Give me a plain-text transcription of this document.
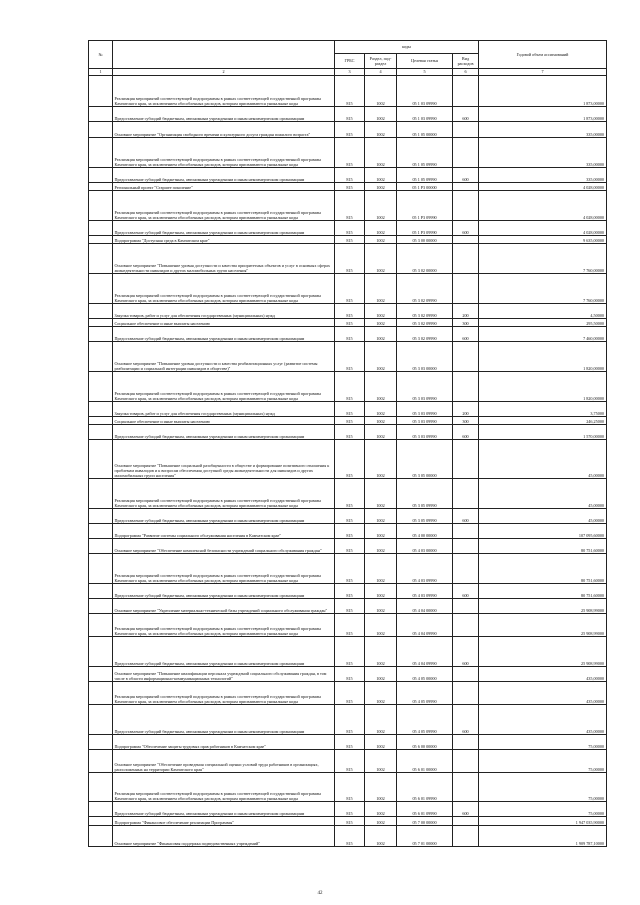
№		коды				Годовой объем ассигнований
		ГРБС	Раздел, под-раздел	Целевая статья	Вид расходов	
1	2	3	4	5	6	7
	Реализация мероприятий соответствующей подпрограммы в рамках соответствующей государственной программы Камчатского края, за исключением обособленных расходов, которым присваиваются уникальные коды	815	1002	05 1 03 09990		1 873,00000
	Предоставление субсидий бюджетным, автономным учреждениям и иным некоммерческим организациям	815	1002	05 1 03 09990	600	1 873,00000
	Основное мероприятие "Организация свободного времени и культурного досуга граждан пожилого возраста"	815	1002	05 1 05 00000		335,00000
	Реализация мероприятий соответствующей подпрограммы в рамках соответствующей государственной программы Камчатского края, за исключением обособленных расходов, которым присваиваются уникальные коды	815	1002	05 1 05 09990		335,00000
	Предоставление субсидий бюджетным, автономным учреждениям и иным некоммерческим организациям	815	1002	05 1 05 09990	600	335,00000
	Региональный проект "Старшее поколение"	815	1002	05 1 P3 00000		4 028,00000
	Реализация мероприятий соответствующей подпрограммы в рамках соответствующей государственной программы Камчатского края, за исключением обособленных расходов, которым присваиваются уникальные коды	815	1002	05 1 P3 09990		4 028,00000
	Предоставление субсидий бюджетным, автономным учреждениям и иным некоммерческим организациям	815	1002	05 1 P3 09990	600	4 028,00000
	Подпрограмма "Доступная среда в Камчатском крае"	815	1002	05 3 00 00000		9 635,00000
	Основное мероприятие "Повышение уровня доступности и качества приоритетных объектов и услуг в основных сферах жизнедеятельности инвалидов и других маломобильных групп населения"	815	1002	05 3 02 00000		7 760,00000
	Реализация мероприятий соответствующей подпрограммы в рамках соответствующей государственной программы Камчатского края, за исключением обособленных расходов, которым присваиваются уникальные коды	815	1002	05 3 02 09990		7 760,00000
	Закупка товаров, работ и услуг для обеспечения государственных (муниципальных) нужд	815	1002	05 3 02 09990	200	4,50000
	Социальное обеспечение и иные выплаты населению	815	1002	05 3 02 09990	300	295,50000
	Предоставление субсидий бюджетным, автономным учреждениям и иным некоммерческим организациям	815	1002	05 3 02 09990	600	7 460,00000
	Основное мероприятие "Повышение уровня доступности и качества реабилитационных услуг (развитие системы реабилитации и социальной интеграции инвалидов в обществе)"	815	1002	05 3 03 00000		1 820,00000
	Реализация мероприятий соответствующей подпрограммы в рамках соответствующей государственной программы Камчатского края, за исключением обособленных расходов, которым присваиваются уникальные коды	815	1002	05 3 03 09990		1 820,00000
	Закупка товаров, работ и услуг для обеспечения государственных (муниципальных) нужд	815	1002	05 3 03 09990	200	3,75000
	Социальное обеспечение и иные выплаты населению	815	1002	05 3 03 09990	300	246,25000
	Предоставление субсидий бюджетным, автономным учреждениям и иным некоммерческим организациям	815	1002	05 3 03 09990	600	1 570,00000
	Основное мероприятие "Повышение социальной разобщенности в обществе и формирование позитивного отношения к проблемам инвалидов и к вопросам обеспечения доступной среды жизнедеятельности для инвалидов и других маломобильных групп населения"	815	1002	05 3 05 00000		45,00000
	Реализация мероприятий соответствующей подпрограммы в рамках соответствующей государственной программы Камчатского края, за исключением обособленных расходов, которым присваиваются уникальные коды	815	1002	05 3 05 09990		45,00000
	Предоставление субсидий бюджетным, автономным учреждениям и иным некоммерческим организациям	815	1002	05 3 05 09990	600	45,00000
	Подпрограмма "Развитие системы социального обслуживания населения в Камчатском крае"	815	1002	05 4 00 00000		107 095,60000
	Основное мероприятие "Обеспечение комплексной безопасности учреждений социального обслуживания граждан"	815	1002	05 4 03 00000		80 751,60000
	Реализация мероприятий соответствующей подпрограммы в рамках соответствующей государственной программы Камчатского края, за исключением обособленных расходов, которым присваиваются уникальные коды	815	1002	05 4 03 09990		80 751,60000
	Предоставление субсидий бюджетным, автономным учреждениям и иным некоммерческим организациям	815	1002	05 4 03 09990	600	80 751,60000
	Основное мероприятие "Укрепление материально-технической базы учреждений социального обслуживания граждан"	815	1002	05 4 04 00000		25 908,99000
	Реализация мероприятий соответствующей подпрограммы в рамках соответствующей государственной программы Камчатского края, за исключением обособленных расходов, которым присваиваются уникальные коды	815	1002	05 4 04 09990		25 908,99000
	Предоставление субсидий бюджетным, автономным учреждениям и иным некоммерческим организациям	815	1002	05 4 04 09990	600	25 908,99000
	Основное мероприятие "Повышение квалификации персонала учреждений социального обслуживания граждан, в том числе в области информационно-коммуникационных технологий"	815	1002	05 4 05 00000		435,00000
	Реализация мероприятий соответствующей подпрограммы в рамках соответствующей государственной программы Камчатского края, за исключением обособленных расходов, которым присваиваются уникальные коды	815	1002	05 4 05 09990		435,00000
	Предоставление субсидий бюджетным, автономным учреждениям и иным некоммерческим организациям	815	1002	05 4 05 09990	600	435,00000
	Подпрограмма "Обеспечение защиты трудовых прав работников в Камчатском крае"	815	1002	05 6 00 00000		75,00000
	Основное мероприятие "Обеспечение проведения специальной оценки условий труда работников в организациях, расположенных на территории Камчатского края"	815	1002	05 6 01 00000		75,00000
	Реализация мероприятий соответствующей подпрограммы в рамках соответствующей государственной программы Камчатского края, за исключением обособленных расходов, которым присваиваются уникальные коды	815	1002	05 6 01 09990		75,00000
	Предоставление субсидий бюджетным, автономным учреждениям и иным некоммерческим организациям	815	1002	05 6 01 09990	600	75,00000
	Подпрограмма "Финансовое обеспечение реализации Программы"	815	1002	05 7 00 00000		1 947 035,90000
	Основное мероприятие "Финансовая поддержка подведомственных учреждений"	815	1002	05 7 01 00000		1 909 787,10000
42
